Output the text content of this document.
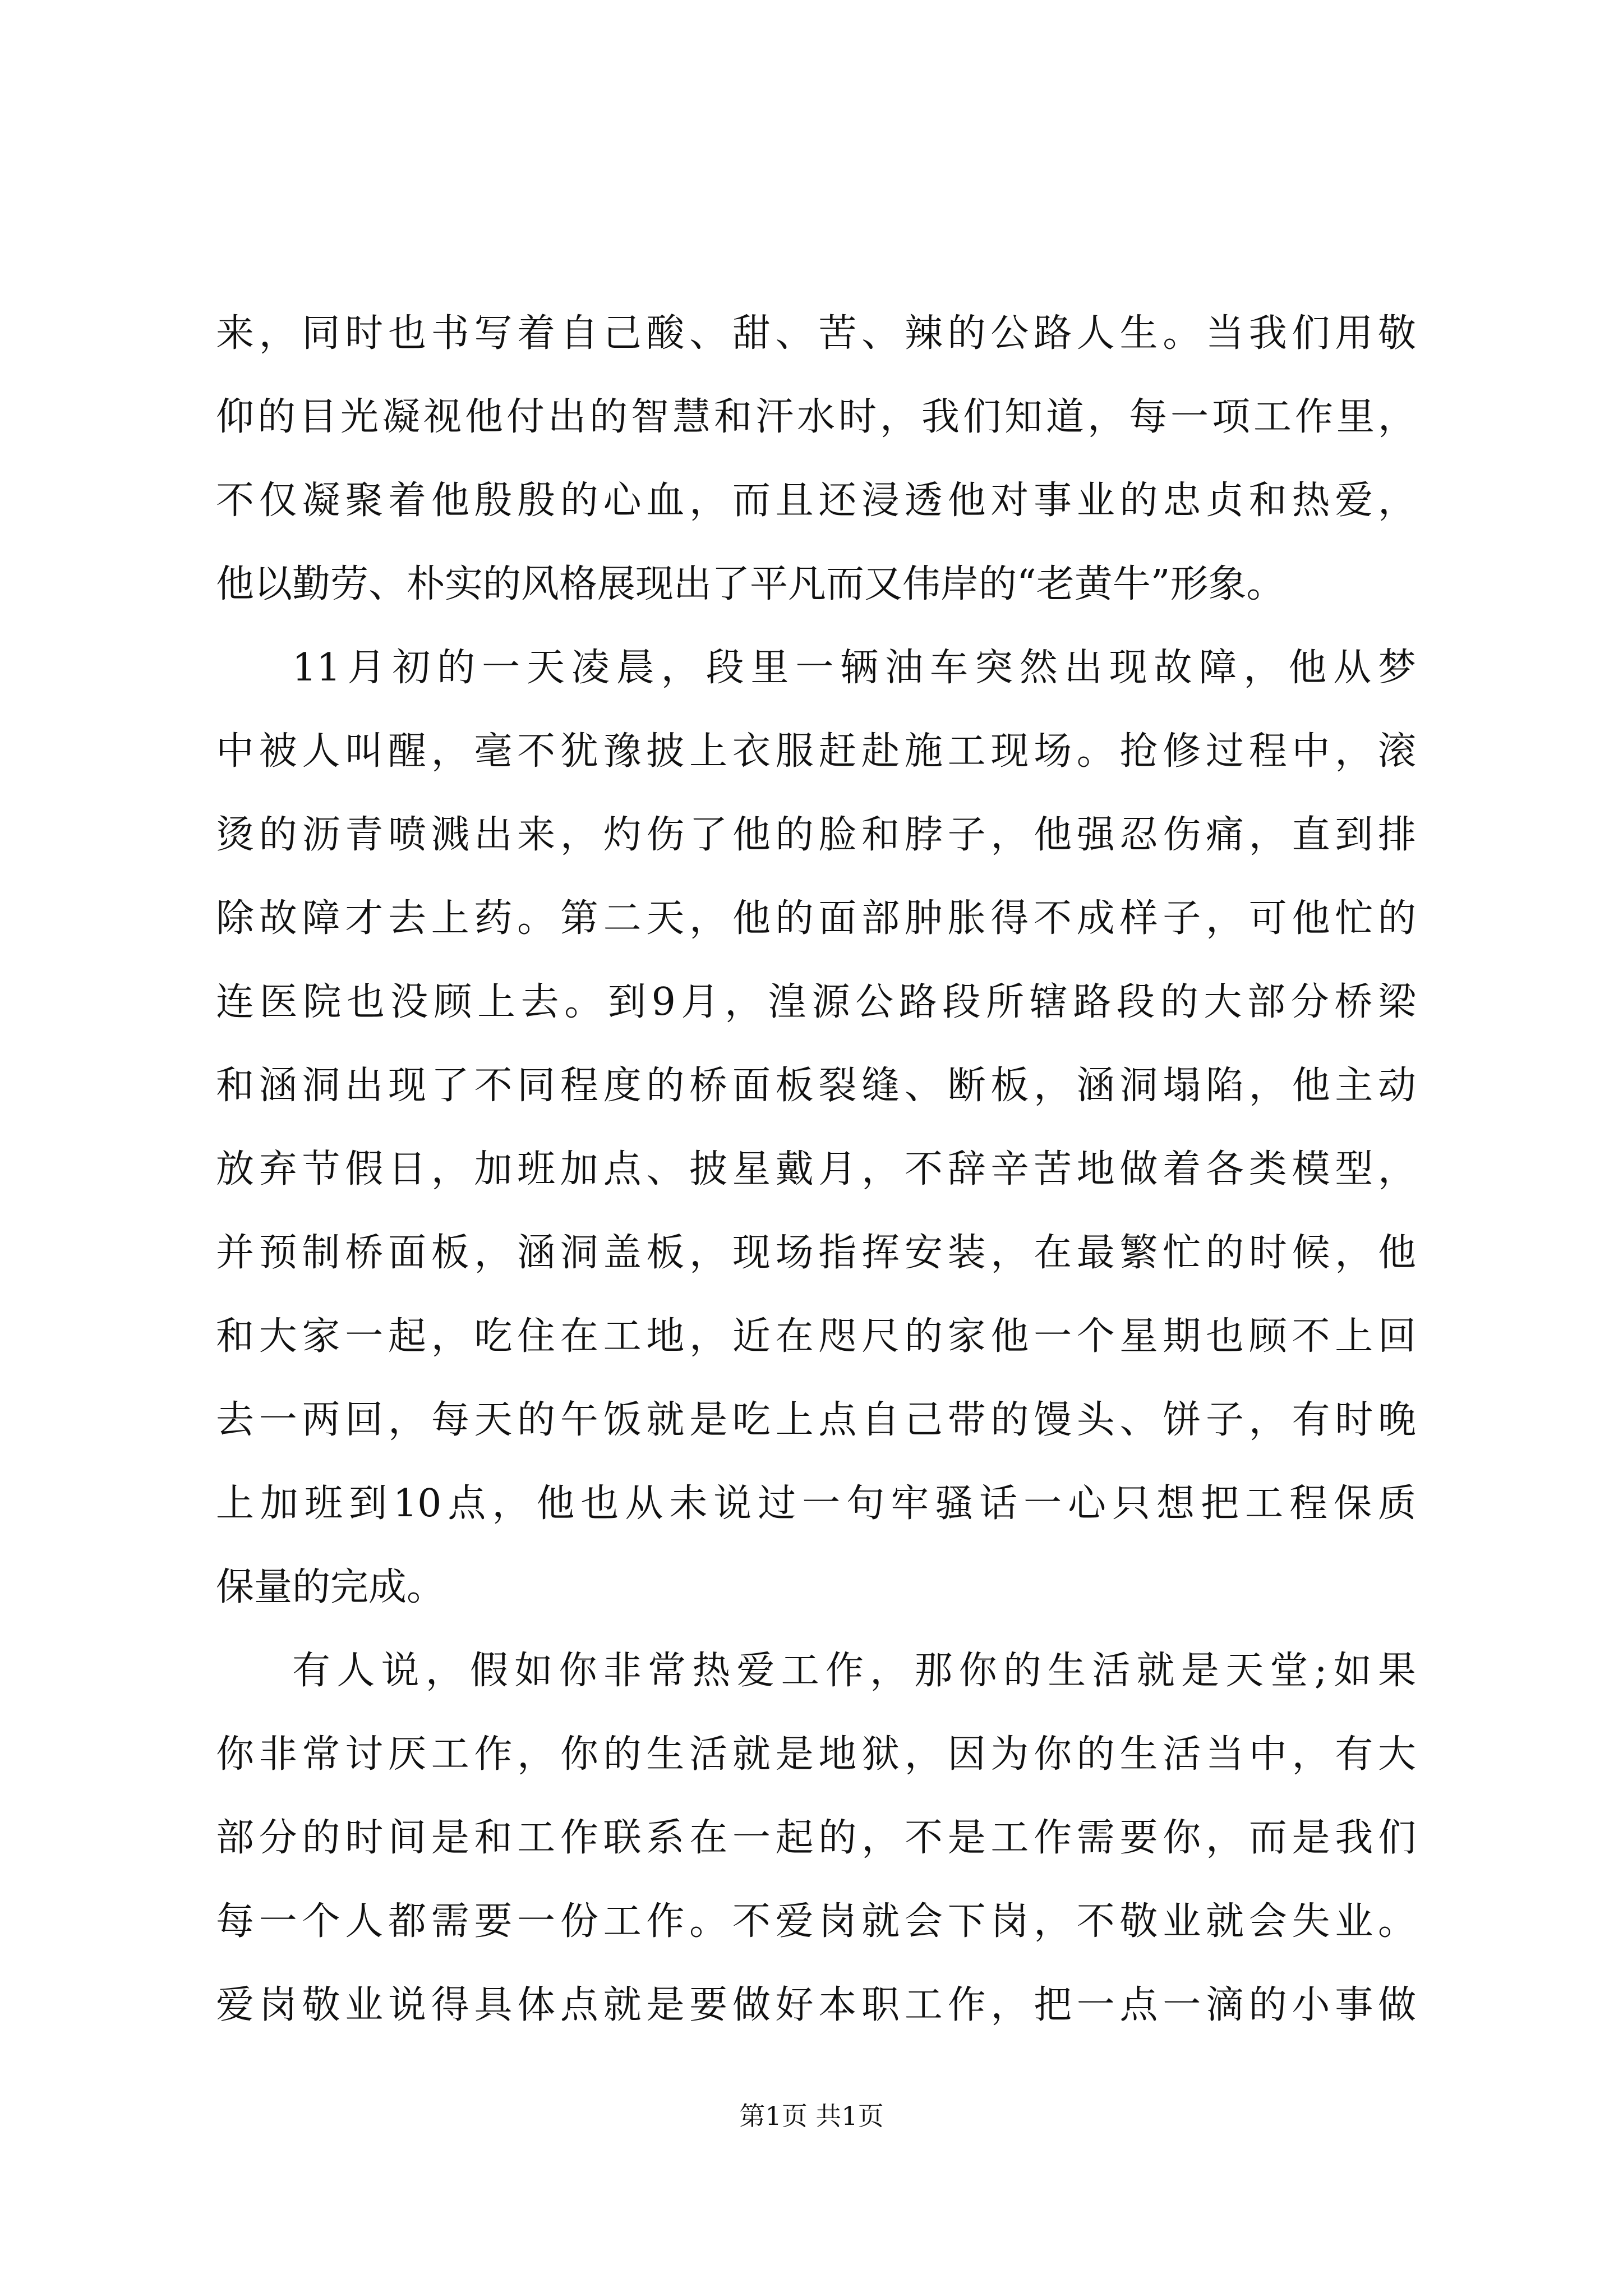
来，同时也书写着自己酸、甜、苦、辣的公路人生。当我们用敬
仰的目光凝视他付出的智慧和汗水时，我们知道，每一项工作里，
不仅凝聚着他殷殷的心血，而且还浸透他对事业的忠贞和热爱，
他以勤劳、朴实的风格展现出了平凡而又伟岸的“老黄牛”形象。
11月初的一天凌晨，段里一辆油车突然出现故障，他从梦
中被人叫醒，毫不犹豫披上衣服赶赴施工现场。抢修过程中，滚
烫的沥青喷溅出来，灼伤了他的脸和脖子，他强忍伤痛，直到排
除故障才去上药。第二天，他的面部肿胀得不成样子，可他忙的
连医院也没顾上去。到9月，湟源公路段所辖路段的大部分桥梁
和涵洞出现了不同程度的桥面板裂缝、断板，涵洞塌陷，他主动
放弃节假日，加班加点、披星戴月，不辞辛苦地做着各类模型，
并预制桥面板，涵洞盖板，现场指挥安装，在最繁忙的时候，他
和大家一起，吃住在工地，近在咫尺的家他一个星期也顾不上回
去一两回，每天的午饭就是吃上点自己带的馒头、饼子，有时晚
上加班到10点，他也从未说过一句牢骚话一心只想把工程保质
保量的完成。
有人说，假如你非常热爱工作，那你的生活就是天堂;如果
你非常讨厌工作，你的生活就是地狱，因为你的生活当中，有大
部分的时间是和工作联系在一起的，不是工作需要你，而是我们
每一个人都需要一份工作。不爱岗就会下岗，不敬业就会失业。
爱岗敬业说得具体点就是要做好本职工作，把一点一滴的小事做
第1页 共1页
